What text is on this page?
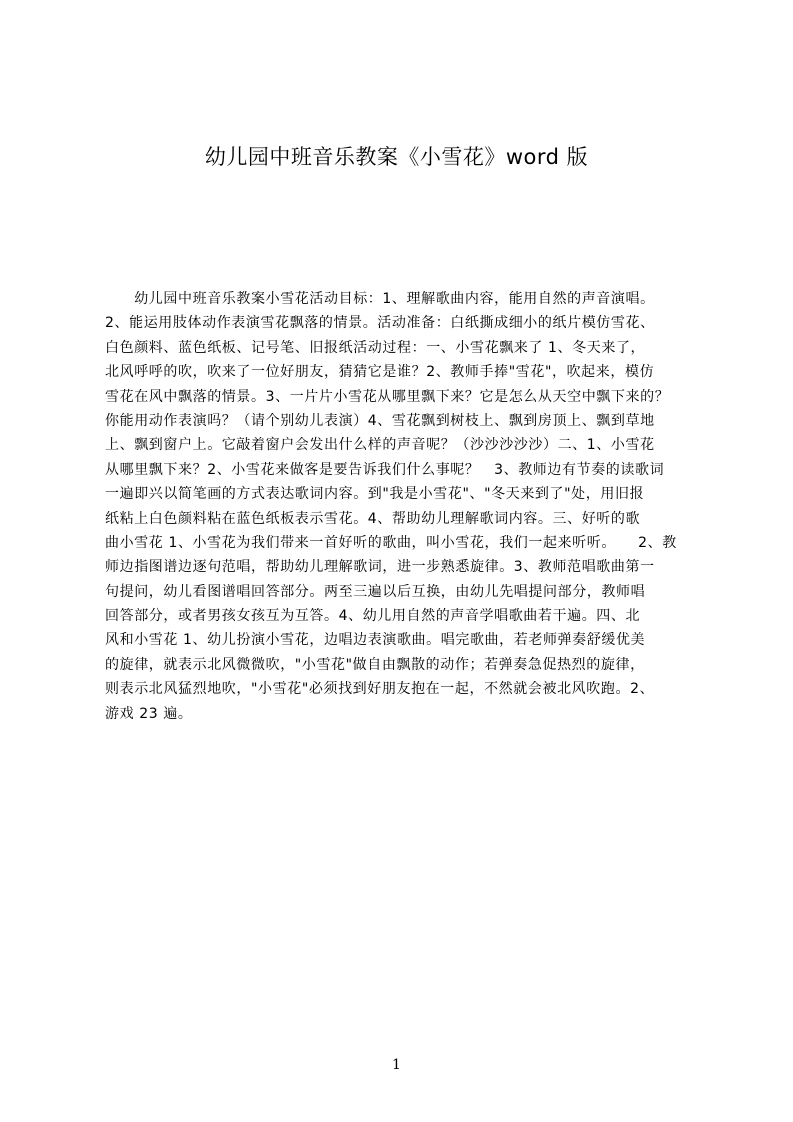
幼儿园中班音乐教案《小雪花》word 版
　　幼儿园中班音乐教案小雪花活动目标：1、理解歌曲内容，能用自然的声音演唱。
2、能运用肢体动作表演雪花飘落的情景。活动准备：白纸撕成细小的纸片模仿雪花、
白色颜料、蓝色纸板、记号笔、旧报纸活动过程：一、小雪花飘来了 1、冬天来了，
北风呼呼的吹，吹来了一位好朋友，猜猜它是谁？2、教师手捧"雪花"，吹起来，模仿
雪花在风中飘落的情景。3、一片片小雪花从哪里飘下来？它是怎么从天空中飘下来的？
你能用动作表演吗？（请个别幼儿表演）4、雪花飘到树枝上、飘到房顶上、飘到草地
上、飘到窗户上。它敲着窗户会发出什么样的声音呢？（沙沙沙沙沙）二、1、小雪花
从哪里飘下来？2、小雪花来做客是要告诉我们什么事呢？　3、教师边有节奏的读歌词
一遍即兴以简笔画的方式表达歌词内容。到"我是小雪花"、"冬天来到了"处，用旧报
纸粘上白色颜料粘在蓝色纸板表示雪花。4、帮助幼儿理解歌词内容。三、好听的歌
曲小雪花 1、小雪花为我们带来一首好听的歌曲，叫小雪花，我们一起来听听。　　2、教
师边指图谱边逐句范唱，帮助幼儿理解歌词，进一步熟悉旋律。3、教师范唱歌曲第一
句提问，幼儿看图谱唱回答部分。两至三遍以后互换，由幼儿先唱提问部分，教师唱
回答部分，或者男孩女孩互为互答。4、幼儿用自然的声音学唱歌曲若干遍。四、北
风和小雪花 1、幼儿扮演小雪花，边唱边表演歌曲。唱完歌曲，若老师弹奏舒缓优美
的旋律，就表示北风微微吹，"小雪花"做自由飘散的动作；若弹奏急促热烈的旋律，
则表示北风猛烈地吹，"小雪花"必须找到好朋友抱在一起，不然就会被北风吹跑。2、
游戏 23 遍。
1
